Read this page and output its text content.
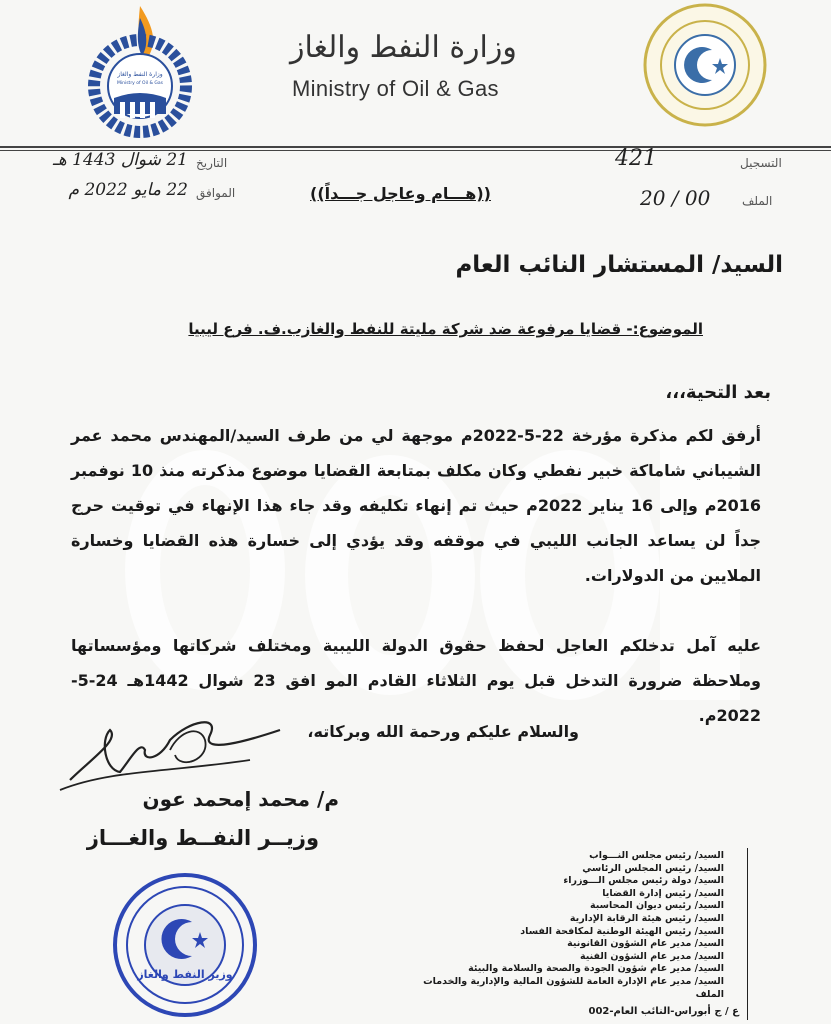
وزارة النفط والغاز
Ministry of Oil & Gas
وزارة النفط والغاز
Ministry of Oil & Gas
التاريخ
21 شوال 1443 هـ
الموافق
22 مايو 2022 م	((هـــام وعاجل جـــداً))
التسجيل
421
الملف
20 / 00
السيد/ المستشار النائب العام
الموضوع:- قضايا مرفوعة ضد شركة مليتة للنفط والغازب.ف. فرع ليبيا
بعد التحية،،،
أرفق لكم مذكرة مؤرخة 22-5-2022م موجهة لي من طرف السيد/المهندس محمد عمر الشيباني شاماكة خبير نفطي وكان مكلف بمتابعة القضايا موضوع مذكرته منذ 10 نوفمبر 2016م وإلى 16 يناير 2022م حيث تم إنهاء تكليفه وقد جاء هذا الإنهاء في توقيت حرج جداً لن يساعد الجانب الليبي في موقفه وقد يؤدي إلى خسارة هذه القضايا وخسارة الملايين من الدولارات.
عليه آمل تدخلكم العاجل لحفظ حقوق الدولة الليبية ومختلف شركاتها ومؤسساتها وملاحظة ضرورة التدخل قبل يوم الثلاثاء القادم المو افق 23 شوال 1442هـ 24-5-2022م.
والسلام عليكم ورحمة الله وبركاته،
م/ محمد إمحمد عون
وزيــر النفــط والغـــاز
وزير النفط والغاز
السيد/ رئيس مجلس النـــواب
السيد/ رئيس المجلس الرئاسي
السيد/ دولة رئيس مجلس الـــوزراء
السيد/ رئيس إدارة القضايا
السيد/ رئيس ديوان المحاسبة
السيد/ رئيس هيئة الرقابة الإدارية
السيد/ رئيس الهيئة الوطنية لمكافحة الفساد
السيد/ مدير عام الشؤون القانونية
السيد/ مدير عام الشؤون الفنية
السيد/ مدير عام شؤون الجودة والصحة والسلامة والبيئة
السيد/ مدير عام الإدارة العامة للشؤون المالية والإدارية والخدمات
الملف
ع / ج أبوراس-النائب العام-002
